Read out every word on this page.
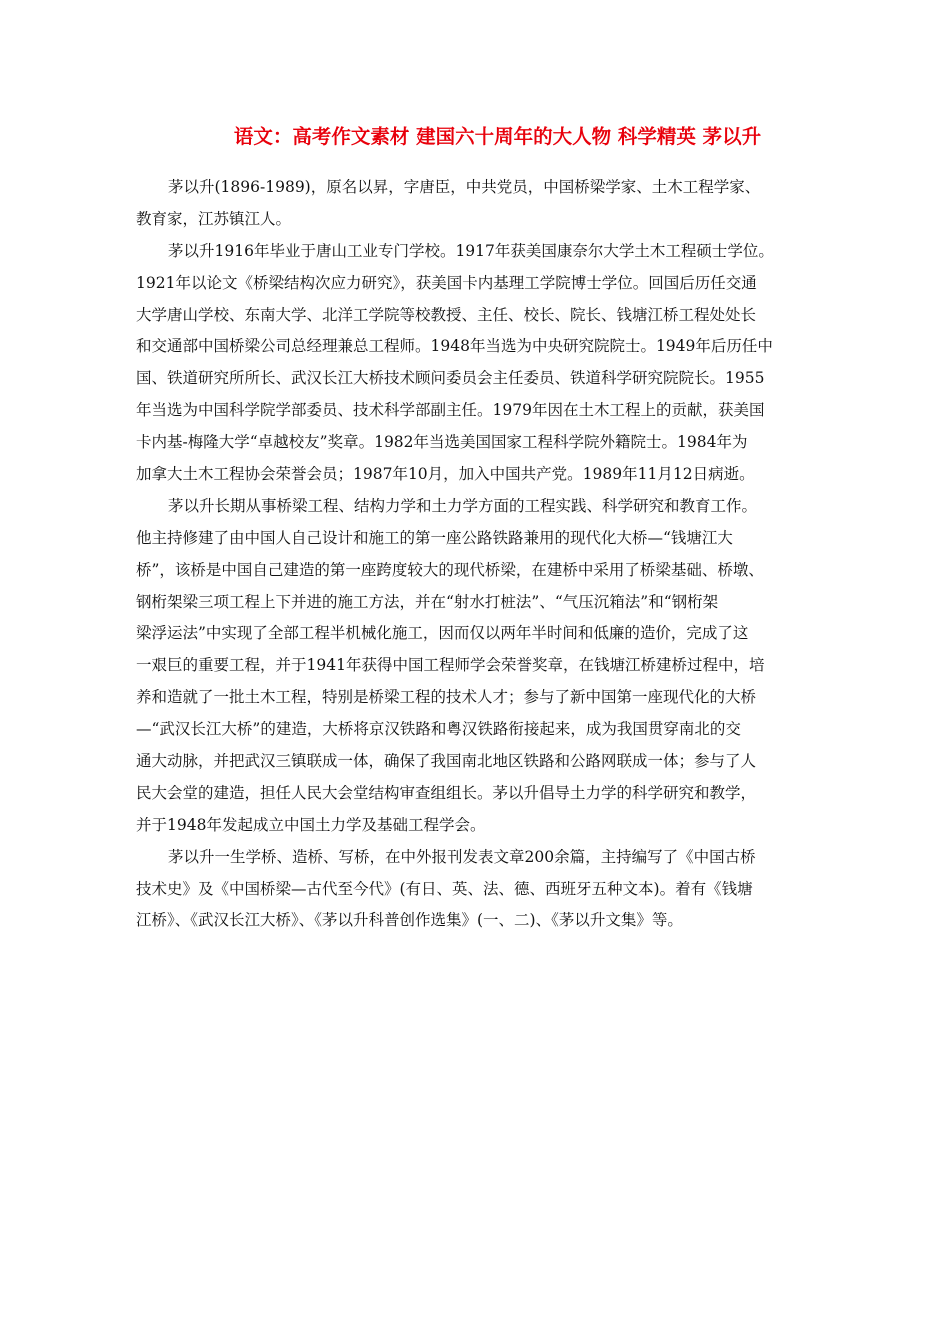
语文：高考作文素材 建国六十周年的大人物 科学精英 茅以升
茅以升(1896-1989)，原名以昇，字唐臣，中共党员，中国桥梁学家、土木工程学家、
教育家，江苏镇江人。
茅以升1916年毕业于唐山工业专门学校。1917年获美国康奈尔大学土木工程硕士学位。
1921年以论文《桥梁结构次应力研究》，获美国卡内基理工学院博士学位。回国后历任交通
大学唐山学校、东南大学、北洋工学院等校教授、主任、校长、院长、钱塘江桥工程处处长
和交通部中国桥梁公司总经理兼总工程师。1948年当选为中央研究院院士。1949年后历任中
国、铁道研究所所长、武汉长江大桥技术顾问委员会主任委员、铁道科学研究院院长。1955
年当选为中国科学院学部委员、技术科学部副主任。1979年因在土木工程上的贡献，获美国
卡内基-梅隆大学“卓越校友”奖章。1982年当选美国国家工程科学院外籍院士。1984年为
加拿大土木工程协会荣誉会员；1987年10月，加入中国共产党。1989年11月12日病逝。
茅以升长期从事桥梁工程、结构力学和土力学方面的工程实践、科学研究和教育工作。
他主持修建了由中国人自己设计和施工的第一座公路铁路兼用的现代化大桥—“钱塘江大
桥”，该桥是中国自己建造的第一座跨度较大的现代桥梁，在建桥中采用了桥梁基础、桥墩、
钢桁架梁三项工程上下并进的施工方法，并在“射水打桩法”、“气压沉箱法”和“钢桁架
梁浮运法”中实现了全部工程半机械化施工，因而仅以两年半时间和低廉的造价，完成了这
一艰巨的重要工程，并于1941年获得中国工程师学会荣誉奖章，在钱塘江桥建桥过程中，培
养和造就了一批土木工程，特别是桥梁工程的技术人才；参与了新中国第一座现代化的大桥
—“武汉长江大桥”的建造，大桥将京汉铁路和粤汉铁路衔接起来，成为我国贯穿南北的交
通大动脉，并把武汉三镇联成一体，确保了我国南北地区铁路和公路网联成一体；参与了人
民大会堂的建造，担任人民大会堂结构审查组组长。茅以升倡导土力学的科学研究和教学，
并于1948年发起成立中国土力学及基础工程学会。
茅以升一生学桥、造桥、写桥，在中外报刊发表文章200余篇，主持编写了《中国古桥
技术史》及《中国桥梁—古代至今代》(有日、英、法、德、西班牙五种文本)。着有《钱塘
江桥》、《武汉长江大桥》、《茅以升科普创作选集》(一、二)、《茅以升文集》等。
